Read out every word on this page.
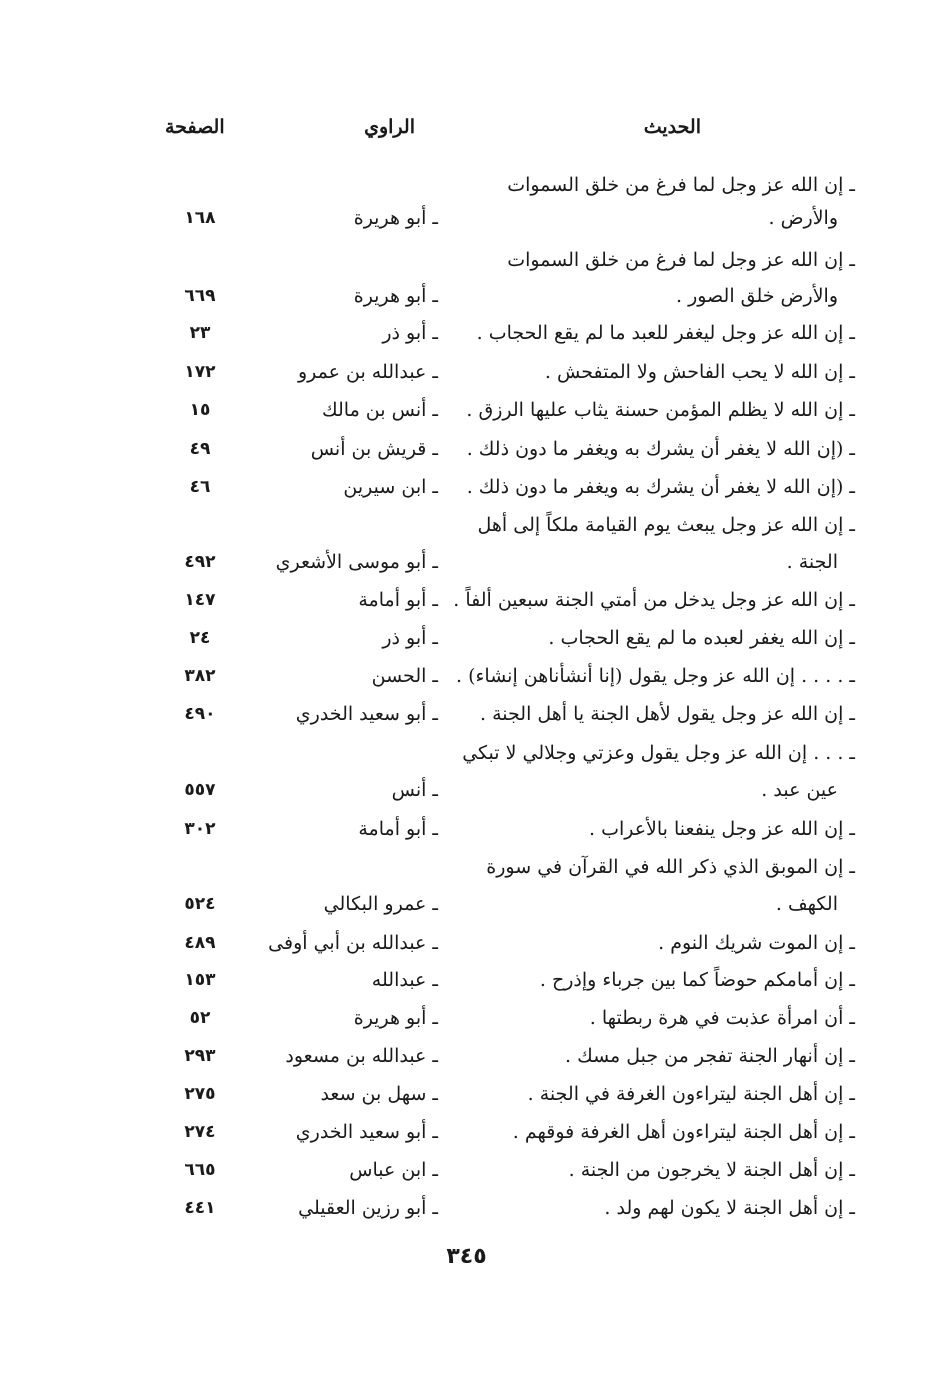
الحديث
الراوي
الصفحة
ـ إن الله عز وجل لما فرغ من خلق السموات
والأرض .
ـ أبو هريرة
١٦٨
ـ إن الله عز وجل لما فرغ من خلق السموات
والأرض خلق الصور .
ـ أبو هريرة
٦٦٩
ـ إن الله عز وجل ليغفر للعبد ما لم يقع الحجاب .
ـ أبو ذر
٢٣
ـ إن الله لا يحب الفاحش ولا المتفحش .
ـ عبدالله بن عمرو
١٧٢
ـ إن الله لا يظلم المؤمن حسنة يثاب عليها الرزق .
ـ أنس بن مالك
١٥
ـ (إن الله لا يغفر أن يشرك به ويغفر ما دون ذلك .
ـ قريش بن أنس
٤٩
ـ (إن الله لا يغفر أن يشرك به ويغفر ما دون ذلك .
ـ ابن سيرين
٤٦
ـ إن الله عز وجل يبعث يوم القيامة ملكاً إلى أهل
الجنة .
ـ أبو موسى الأشعري
٤٩٢
ـ إن الله عز وجل يدخل من أمتي الجنة سبعين ألفاً .
ـ أبو أمامة
١٤٧
ـ إن الله يغفر لعبده ما لم يقع الحجاب .
ـ أبو ذر
٢٤
ـ . . . . إن الله عز وجل يقول (إنا أنشأناهن إنشاء) .
ـ الحسن
٣٨٢
ـ إن الله عز وجل يقول لأهل الجنة يا أهل الجنة .
ـ أبو سعيد الخدري
٤٩٠
ـ . . . إن الله عز وجل يقول وعزتي وجلالي لا تبكي
عين عبد .
ـ أنس
٥٥٧
ـ إن الله عز وجل ينفعنا بالأعراب .
ـ أبو أمامة
٣٠٢
ـ إن الموبق الذي ذكر الله في القرآن في سورة
الكهف .
ـ عمرو البكالي
٥٢٤
ـ إن الموت شريك النوم .
ـ عبدالله بن أبي أوفى
٤٨٩
ـ إن أمامكم حوضاً كما بين جرباء وإذرح .
ـ عبدالله
١٥٣
ـ أن امرأة عذبت في هرة ربطتها .
ـ أبو هريرة
٥٢
ـ إن أنهار الجنة تفجر من جبل مسك .
ـ عبدالله بن مسعود
٢٩٣
ـ إن أهل الجنة ليتراءون الغرفة في الجنة .
ـ سهل بن سعد
٢٧٥
ـ إن أهل الجنة ليتراءون أهل الغرفة فوقهم .
ـ أبو سعيد الخدري
٢٧٤
ـ إن أهل الجنة لا يخرجون من الجنة .
ـ ابن عباس
٦٦٥
ـ إن أهل الجنة لا يكون لهم ولد .
ـ أبو رزين العقيلي
٤٤١
٣٤٥
